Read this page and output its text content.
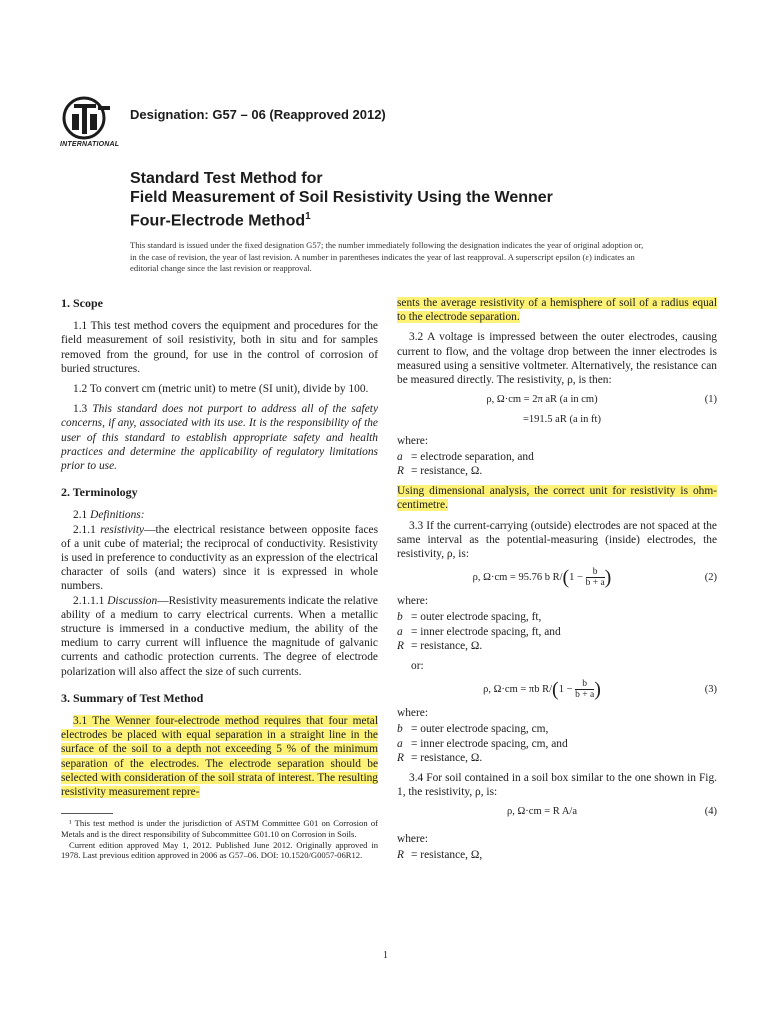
INTERNATIONAL
Designation: G57 – 06 (Reapproved 2012)
Standard Test Method for
Field Measurement of Soil Resistivity Using the Wenner
Four-Electrode Method$^1$
This standard is issued under the fixed designation G57; the number immediately following the designation indicates the year of original adoption or, in the case of revision, the year of last revision. A number in parentheses indicates the year of last reapproval. A superscript epsilon (ε) indicates an editorial change since the last revision or reapproval.
1. Scope

1.1 This test method covers the equipment and procedures for the field measurement of soil resistivity, both in situ and for samples removed from the ground, for use in the control of corrosion of buried structures.

1.2 To convert cm (metric unit) to metre (SI unit), divide by 100.

1.3 This standard does not purport to address all of the safety concerns, if any, associated with its use. It is the responsibility of the user of this standard to establish appropriate safety and health practices and determine the applicability of regulatory limitations prior to use.

2. Terminology

2.1 Definitions:

2.1.1 resistivity—the electrical resistance between opposite faces of a unit cube of material; the reciprocal of conductivity. Resistivity is used in preference to conductivity as an expression of the electrical character of soils (and waters) since it is expressed in whole numbers.

2.1.1.1 Discussion—Resistivity measurements indicate the relative ability of a medium to carry electrical currents. When a metallic structure is immersed in a conductive medium, the ability of the medium to carry current will influence the magnitude of galvanic currents and cathodic protection currents. The degree of electrode polarization will also affect the size of such currents.

3. Summary of Test Method

3.1 The Wenner four-electrode method requires that four metal electrodes be placed with equal separation in a straight line in the surface of the soil to a depth not exceeding 5 % of the minimum separation of the electrodes. The electrode separation should be selected with consideration of the soil strata of interest. The resulting resistivity measurement repre-

¹ This test method is under the jurisdiction of ASTM Committee G01 on Corrosion of Metals and is the direct responsibility of Subcommittee G01.10 on Corrosion in Soils.

Current edition approved May 1, 2012. Published June 2012. Originally approved in 1978. Last previous edition approved in 2006 as G57–06. DOI: 10.1520/G0057-06R12.

sents the average resistivity of a hemisphere of soil of a radius equal to the electrode separation.

3.2 A voltage is impressed between the outer electrodes, causing current to flow, and the voltage drop between the inner electrodes is measured using a sensitive voltmeter. Alternatively, the resistance can be measured directly. The resistivity, ρ, is then:

ρ, Ω·cm = 2π aR (a in cm)	(1)
=191.5 aR (a in ft)
where:
a = electrode separation, and
R = resistance, Ω.

Using dimensional analysis, the correct unit for resistivity is ohm-centimetre.

3.3 If the current-carrying (outside) electrodes are not spaced at the same interval as the potential-measuring (inside) electrodes, the resistivity, ρ, is:

ρ, Ω·cm = 95.76 b $R/(1 - \frac{b}{b + a}$ )	(2)
where:
b = outer electrode spacing, ft,
a = inner electrode spacing, ft, and
R = resistance, Ω.
or:
ρ, Ω·cm = πb $R/(1 - \frac{b}{b + a}$ )	(3)
where:
b = outer electrode spacing, cm,
a = inner electrode spacing, cm, and
R = resistance, Ω.

3.4 For soil contained in a soil box similar to the one shown in Fig. 1, the resistivity, ρ, is:

ρ, Ω·cm = R A/a	(4)
where:
R = resistance, Ω,
1
